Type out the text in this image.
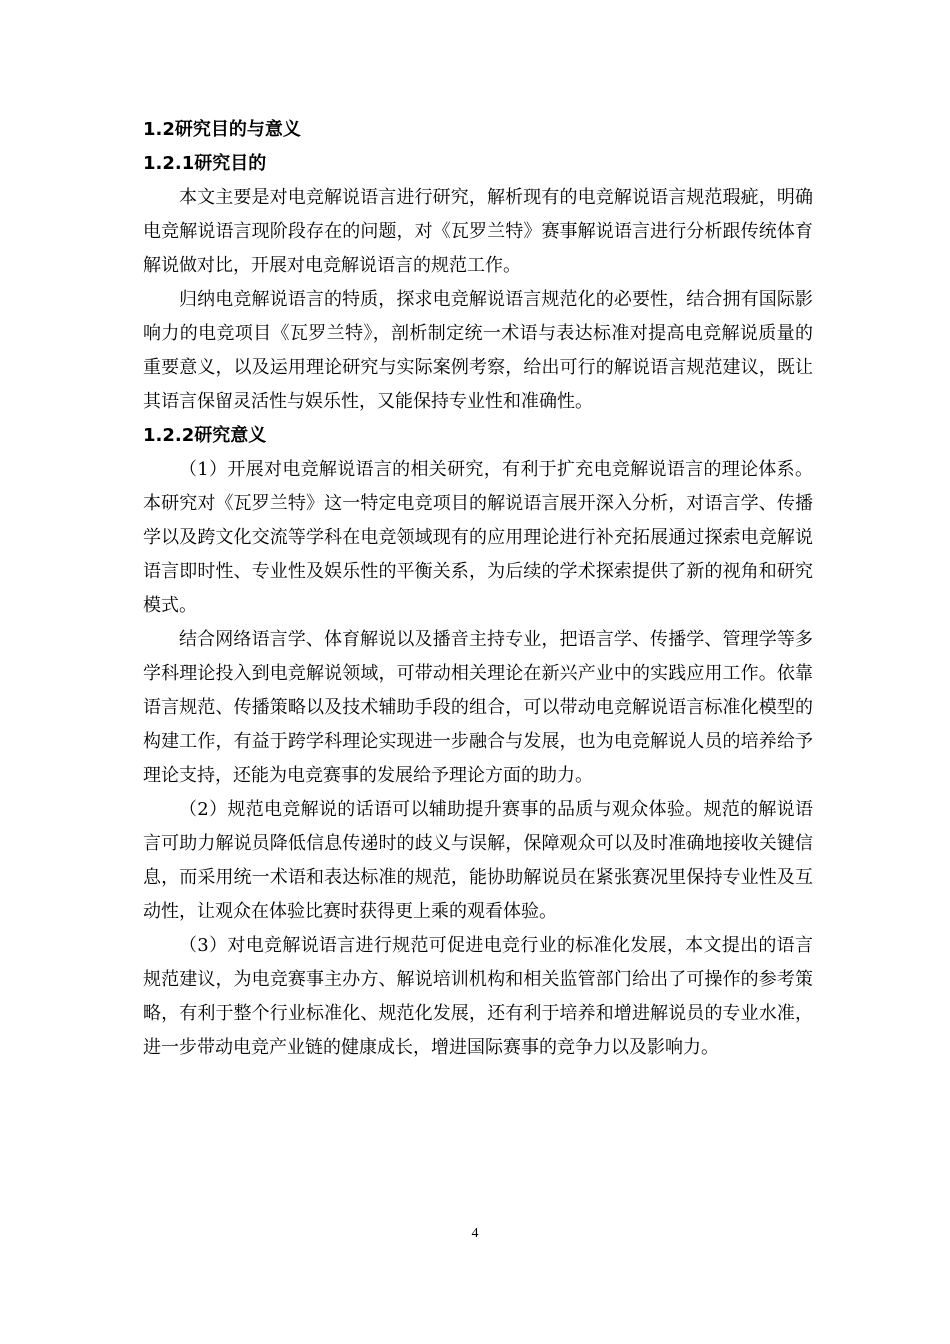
1.2研究目的与意义
1.2.1研究目的

本文主要是对电竞解说语言进行研究，解析现有的电竞解说语言规范瑕疵，明确电竞解说语言现阶段存在的问题，对《瓦罗兰特》赛事解说语言进行分析跟传统体育解说做对比，开展对电竞解说语言的规范工作。

归纳电竞解说语言的特质，探求电竞解说语言规范化的必要性，结合拥有国际影响力的电竞项目《瓦罗兰特》，剖析制定统一术语与表达标准对提高电竞解说质量的重要意义，以及运用理论研究与实际案例考察，给出可行的解说语言规范建议，既让其语言保留灵活性与娱乐性，又能保持专业性和准确性。

1.2.2研究意义

（1）开展对电竞解说语言的相关研究，有利于扩充电竞解说语言的理论体系。本研究对《瓦罗兰特》这一特定电竞项目的解说语言展开深入分析，对语言学、传播学以及跨文化交流等学科在电竞领域现有的应用理论进行补充拓展通过探索电竞解说语言即时性、专业性及娱乐性的平衡关系，为后续的学术探索提供了新的视角和研究模式。

结合网络语言学、体育解说以及播音主持专业，把语言学、传播学、管理学等多学科理论投入到电竞解说领域，可带动相关理论在新兴产业中的实践应用工作。依靠语言规范、传播策略以及技术辅助手段的组合，可以带动电竞解说语言标准化模型的构建工作，有益于跨学科理论实现进一步融合与发展，也为电竞解说人员的培养给予理论支持，还能为电竞赛事的发展给予理论方面的助力。

（2）规范电竞解说的话语可以辅助提升赛事的品质与观众体验。规范的解说语言可助力解说员降低信息传递时的歧义与误解，保障观众可以及时准确地接收关键信息，而采用统一术语和表达标准的规范，能协助解说员在紧张赛况里保持专业性及互动性，让观众在体验比赛时获得更上乘的观看体验。

（3）对电竞解说语言进行规范可促进电竞行业的标准化发展，本文提出的语言规范建议，为电竞赛事主办方、解说培训机构和相关监管部门给出了可操作的参考策略，有利于整个行业标准化、规范化发展，还有利于培养和增进解说员的专业水准，进一步带动电竞产业链的健康成长，增进国际赛事的竞争力以及影响力。

4
